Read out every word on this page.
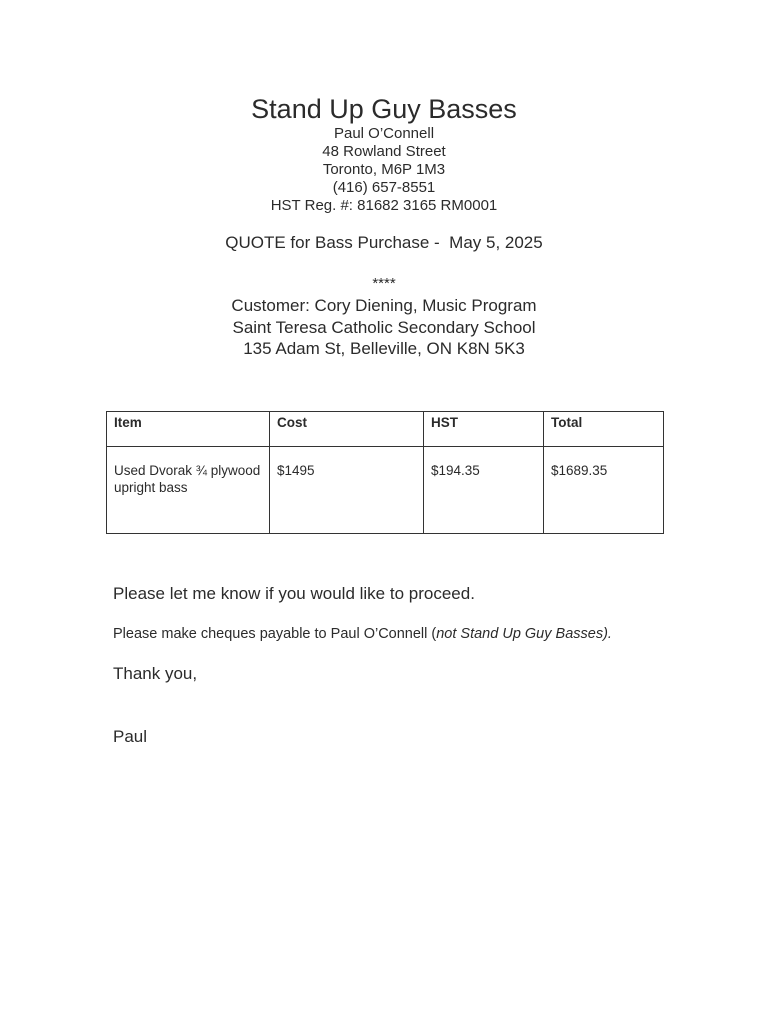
Stand Up Guy Basses
Paul O’Connell
48 Rowland Street
Toronto, M6P 1M3
(416) 657-8551
HST Reg. #: 81682 3165 RM0001
QUOTE for Bass Purchase -  May 5, 2025
****
Customer: Cory Diening, Music Program
Saint Teresa Catholic Secondary School
135 Adam St, Belleville, ON K8N 5K3
Item	Cost	HST	Total
Used Dvorak ¾ plywood upright bass	$1495	$194.35	$1689.35
Please let me know if you would like to proceed.
Please make cheques payable to Paul O’Connell (not Stand Up Guy Basses).
Thank you,
Paul
